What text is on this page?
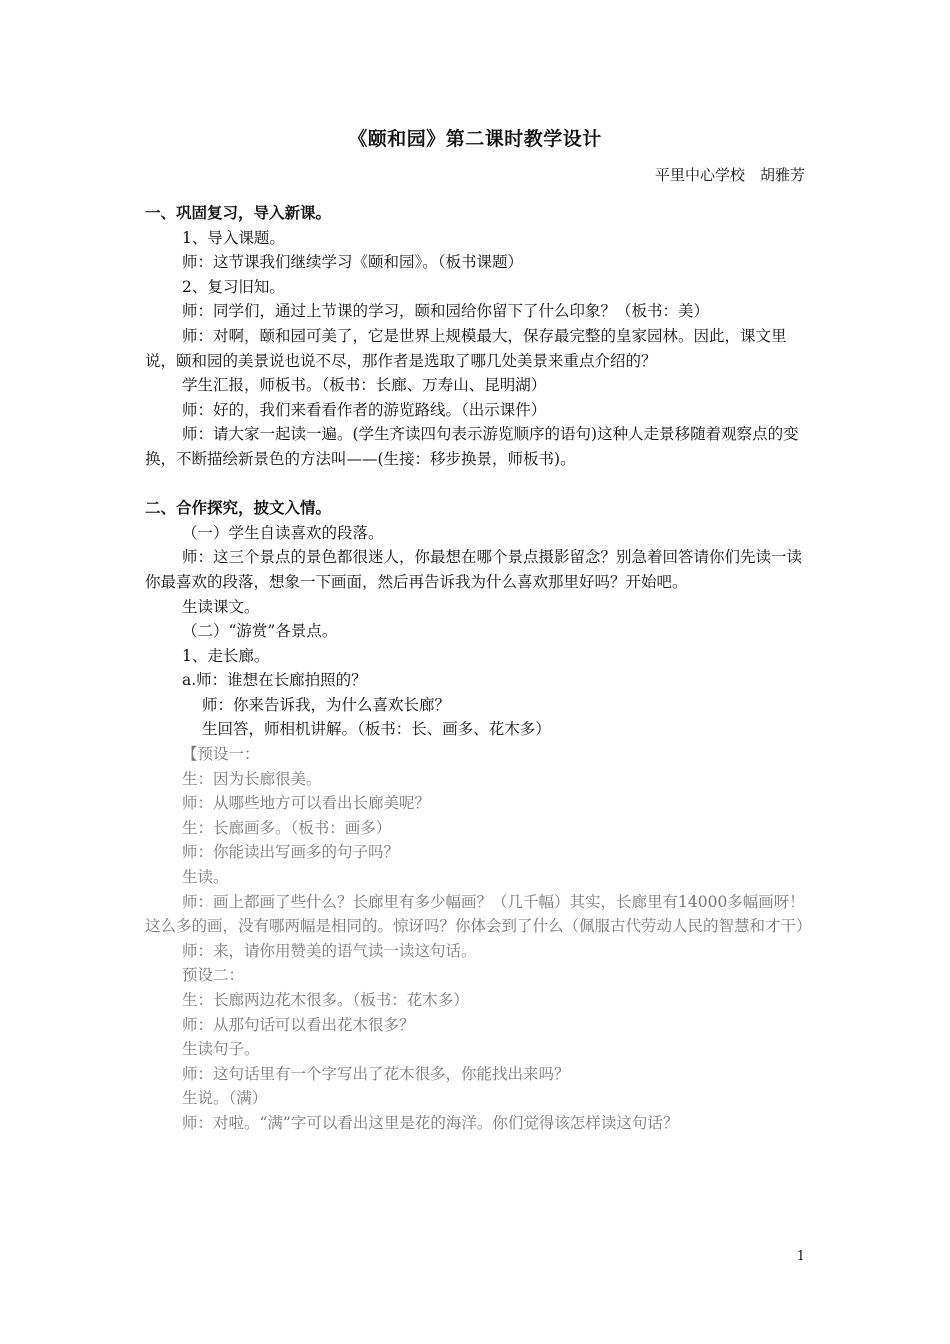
《颐和园》第二课时教学设计
平里中心学校　胡雅芳

一、巩固复习，导入新课。

1、导入课题。

师：这节课我们继续学习《颐和园》。（板书课题）

2、复习旧知。

师：同学们，通过上节课的学习，颐和园给你留下了什么印象？（板书：美）

师：对啊，颐和园可美了，它是世界上规模最大，保存最完整的皇家园林。因此，课文里说，颐和园的美景说也说不尽，那作者是选取了哪几处美景来重点介绍的？

学生汇报，师板书。（板书：长廊、万寿山、昆明湖）

师：好的，我们来看看作者的游览路线。（出示课件）

师：请大家一起读一遍。(学生齐读四句表示游览顺序的语句)这种人走景移随着观察点的变换，不断描绘新景色的方法叫——(生接：移步换景，师板书)。

二、合作探究，披文入情。

（一）学生自读喜欢的段落。

师：这三个景点的景色都很迷人，你最想在哪个景点摄影留念？别急着回答请你们先读一读你最喜欢的段落，想象一下画面，然后再告诉我为什么喜欢那里好吗？开始吧。

生读课文。

（二）“游赏”各景点。

1、走长廊。

a.师：谁想在长廊拍照的？

师：你来告诉我，为什么喜欢长廊？

生回答，师相机讲解。（板书：长、画多、花木多）

【预设一：

生：因为长廊很美。

师：从哪些地方可以看出长廊美呢？

生：长廊画多。（板书：画多）

师：你能读出写画多的句子吗？

生读。

师：画上都画了些什么？长廊里有多少幅画？（几千幅）其实，长廊里有14000多幅画呀！这么多的画，没有哪两幅是相同的。惊讶吗？你体会到了什么（佩服古代劳动人民的智慧和才干）

师：来，请你用赞美的语气读一读这句话。

预设二：

生：长廊两边花木很多。（板书：花木多）

师：从那句话可以看出花木很多？

生读句子。

师：这句话里有一个字写出了花木很多，你能找出来吗？

生说。（满）

师：对啦。“满”字可以看出这里是花的海洋。你们觉得该怎样读这句话？

1
